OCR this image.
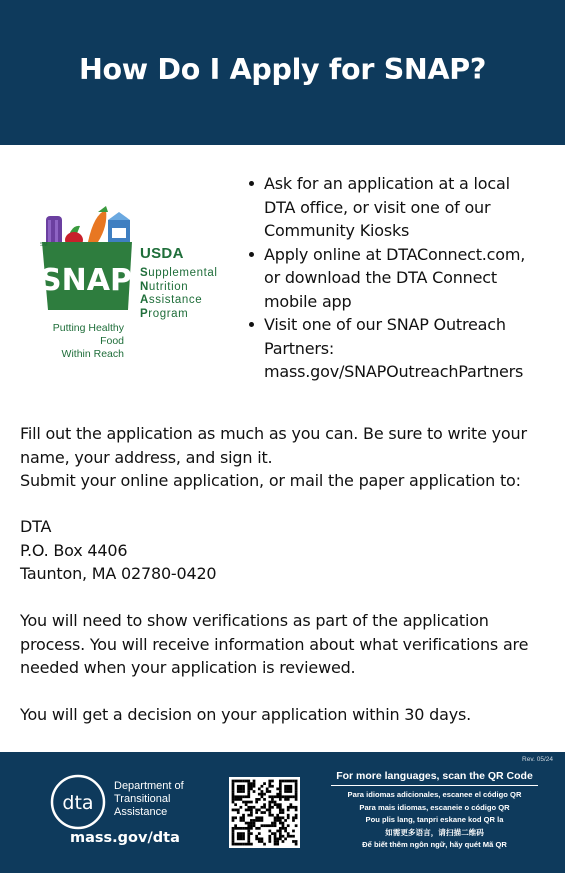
How Do I Apply for SNAP?
SNAP
SM	USDA
Supplemental
Nutrition
Assistance
Program
Putting Healthy Food
Within Reach
Ask for an application at a local
DTA office, or visit one of our
Community Kiosks
Apply online at DTAConnect.com,
or download the DTA Connect
mobile app
Visit one of our SNAP Outreach
Partners:
mass.gov/SNAPOutreachPartners
Fill out the application as much as you can. Be sure to write your
name, your address, and sign it.
Submit your online application, or mail the paper application to:
DTA
P.O. Box 4406
Taunton, MA 02780-0420
You will need to show verifications as part of the application
process. You will receive information about what verifications are
needed when your application is reviewed.
You will get a decision on your application within 30 days.
Rev. 05/24
dta
Department of
Transitional
Assistance
mass.gov/dta
For more languages, scan the QR Code
Para idiomas adicionales, escanee el código QR
Para mais idiomas, escaneie o código QR
Pou plis lang, tanpri eskane kod QR la
如需更多语言，请扫描二维码
Để biết thêm ngôn ngữ, hãy quét Mã QR
